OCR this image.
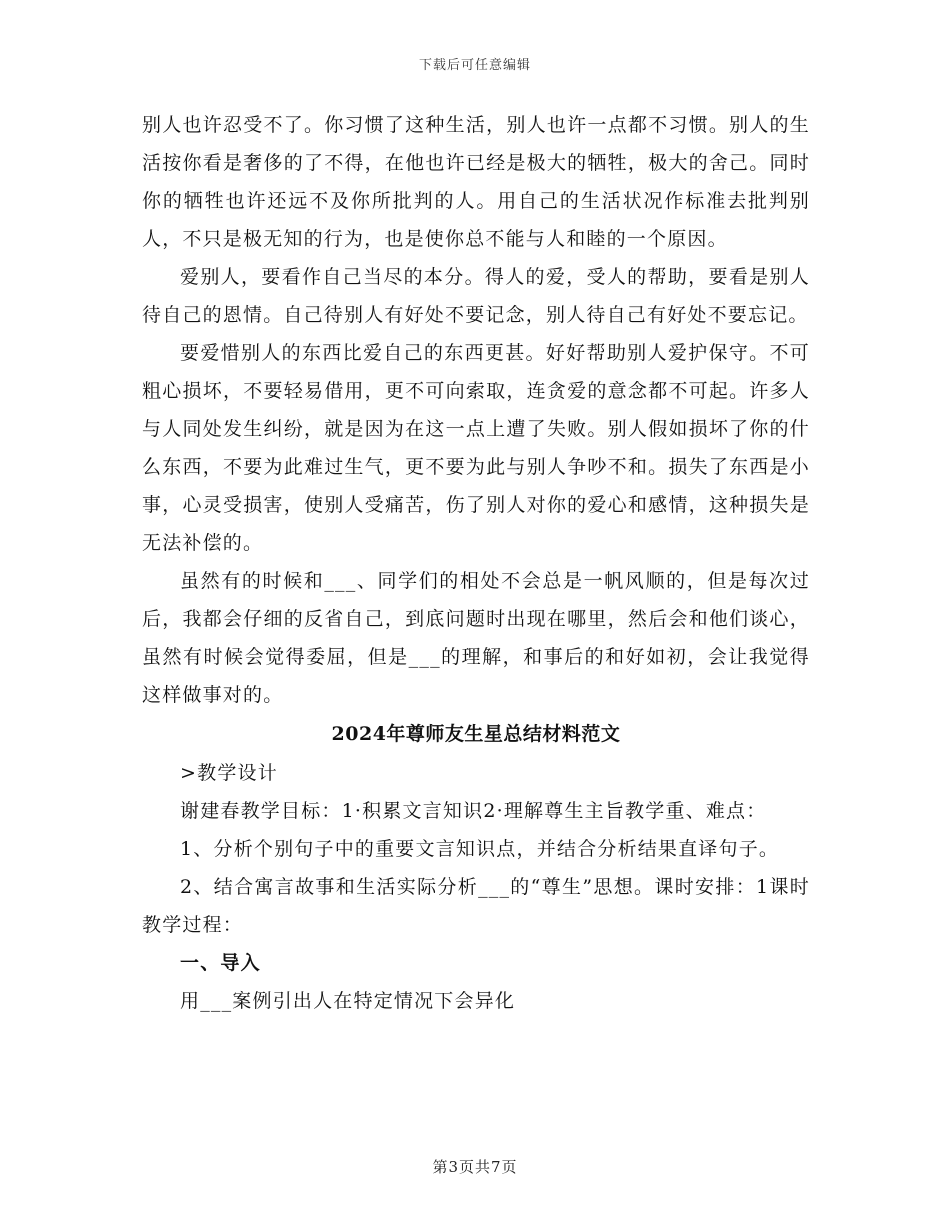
下载后可任意编辑

别人也许忍受不了。你习惯了这种生活，别人也许一点都不习惯。别人的生活按你看是奢侈的了不得，在他也许已经是极大的牺牲，极大的舍己。同时你的牺牲也许还远不及你所批判的人。用自己的生活状况作标准去批判别人，不只是极无知的行为，也是使你总不能与人和睦的一个原因。

爱别人，要看作自己当尽的本分。得人的爱，受人的帮助，要看是别人待自己的恩情。自己待别人有好处不要记念，别人待自己有好处不要忘记。

要爱惜别人的东西比爱自己的东西更甚。好好帮助别人爱护保守。不可粗心损坏，不要轻易借用，更不可向索取，连贪爱的意念都不可起。许多人与人同处发生纠纷，就是因为在这一点上遭了失败。别人假如损坏了你的什么东西，不要为此难过生气，更不要为此与别人争吵不和。损失了东西是小事，心灵受损害，使别人受痛苦，伤了别人对你的爱心和感情，这种损失是无法补偿的。

虽然有的时候和___、同学们的相处不会总是一帆风顺的，但是每次过后，我都会仔细的反省自己，到底问题时出现在哪里，然后会和他们谈心，虽然有时候会觉得委屈，但是___的理解，和事后的和好如初，会让我觉得这样做事对的。

2024年尊师友生星总结材料范文

>教学设计

谢建春教学目标：1·积累文言知识2·理解尊生主旨教学重、难点：

1、分析个别句子中的重要文言知识点，并结合分析结果直译句子。

2、结合寓言故事和生活实际分析___的“尊生”思想。课时安排：1课时教学过程：

一、导入

用___案例引出人在特定情况下会异化

第3页共7页
